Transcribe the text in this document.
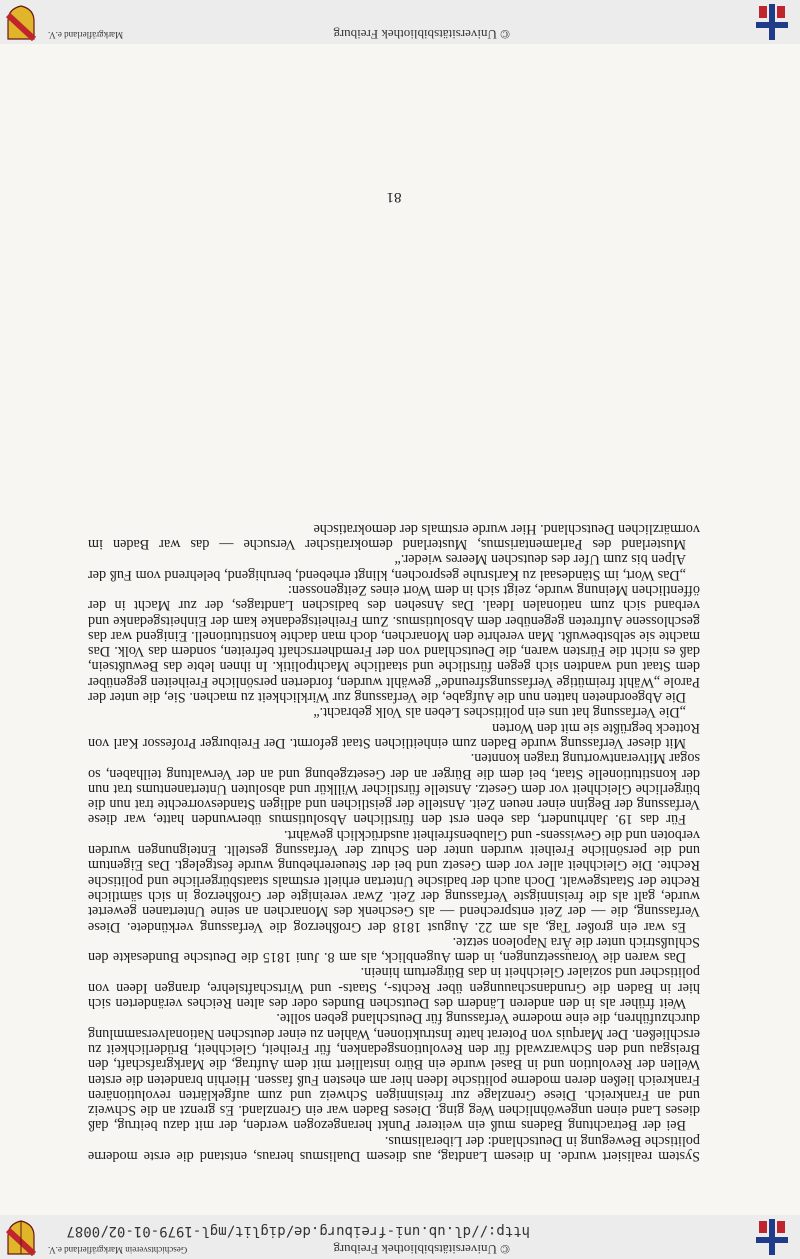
© Universitätsbibliothek Freiburg
http://dl.ub.uni-freiburg.de/diglit/mgl-1979-01-02/0087
Geschichtsverein Markgräflerland e.V.

System realisiert wurde. In diesem Landtag, aus diesem Dualismus heraus, entstand die erste moderne politische Bewegung in Deutschland: der Liberalismus.

Bei der Betrachtung Badens muß ein weiterer Punkt herangezogen werden, der mit dazu beitrug, daß dieses Land einen ungewöhnlichen Weg ging. Dieses Baden war ein Grenzland. Es grenzt an die Schweiz und an Frankreich. Diese Grenzlage zur freisinnigen Schweiz und zum aufgeklärten revolutionären Frankreich ließen deren moderne politische Ideen hier am ehesten Fuß fassen. Hierhin brandeten die ersten Wellen der Revolution und in Basel wurde ein Büro installiert mit dem Auftrag, die Markgrafschaft, den Breisgau und den Schwarzwald für den Revolutionsgedanken, für Freiheit, Gleichheit, Brüderlichkeit zu erschließen. Der Marquis von Poterat hatte Instruktionen, Wahlen zu einer deutschen Nationalversammlung durchzuführen, die eine moderne Verfassung für Deutschland geben sollte.

Weit früher als in den anderen Ländern des Deutschen Bundes oder des alten Reiches veränderten sich hier in Baden die Grundanschauungen über Rechts-, Staats- und Wirtschaftslehre, drangen Ideen von politischer und sozialer Gleichheit in das Bürgertum hinein.

Das waren die Voraussetzungen, in dem Augenblick, als am 8. Juni 1815 die Deutsche Bundesakte den Schlußstrich unter die Ära Napoleon setzte.

Es war ein großer Tag, als am 22. August 1818 der Großherzog die Verfassung verkündete. Diese Verfassung, die — der Zeit entsprechend — als Geschenk des Monarchen an seine Untertanen gewertet wurde, galt als die freisinnigste Verfassung der Zeit. Zwar vereinigte der Großherzog in sich sämtliche Rechte der Staatsgewalt. Doch auch der badische Untertan erhielt erstmals staatsbürgerliche und politische Rechte. Die Gleichheit aller vor dem Gesetz und bei der Steuererhebung wurde festgelegt. Das Eigentum und die persönliche Freiheit wurden unter den Schutz der Verfassung gestellt. Enteignungen wurden verboten und die Gewissens- und Glaubensfreiheit ausdrücklich gewährt.

Für das 19. Jahrhundert, das eben erst den fürstlichen Absolutismus überwunden hatte, war diese Verfassung der Beginn einer neuen Zeit. Anstelle der geistlichen und adligen Standesvorrechte trat nun die bürgerliche Gleichheit vor dem Gesetz. Anstelle fürstlicher Willkür und absoluten Untertanentums trat nun der konstitutionelle Staat, bei dem die Bürger an der Gesetzgebung und an der Verwaltung teilhaben, so sogar Mitverantwortung tragen konnten.

Mit dieser Verfassung wurde Baden zum einheitlichen Staat geformt. Der Freiburger Professor Karl von Rotteck begrüßte sie mit den Worten

„Die Verfassung hat uns ein politisches Leben als Volk gebracht.“

Die Abgeordneten hatten nun die Aufgabe, die Verfassung zur Wirklichkeit zu machen. Sie, die unter der Parole „Wählt freimütige Verfassungsfreunde“ gewählt wurden, forderten persönliche Freiheiten gegenüber dem Staat und wandten sich gegen fürstliche und staatliche Machtpolitik. In ihnen lebte das Bewußtsein, daß es nicht die Fürsten waren, die Deutschland von der Fremdherrschaft befreiten, sondern das Volk. Das machte sie selbstbewußt. Man verehrte den Monarchen, doch man dachte konstitutionell. Einigend war das geschlossene Auftreten gegenüber dem Absolutismus. Zum Freiheitsgedanke kam der Einheitsgedanke und verband sich zum nationalen Ideal. Das Ansehen des badischen Landtages, der zur Macht in der öffentlichen Meinung wurde, zeigt sich in dem Wort eines Zeitgenossen:

„Das Wort, im Ständesaal zu Karlsruhe gesprochen, klingt erhebend, beruhigend, belehrend vom Fuß der Alpen bis zum Ufer des deutschen Meeres wieder.“

Musterland des Parlamentarismus, Musterland demokratischer Versuche — das war Baden im vormärzlichen Deutschland. Hier wurde erstmals der demokratische

81
© Universitätsbibliothek Freiburg
Markgräflerland e.V.
